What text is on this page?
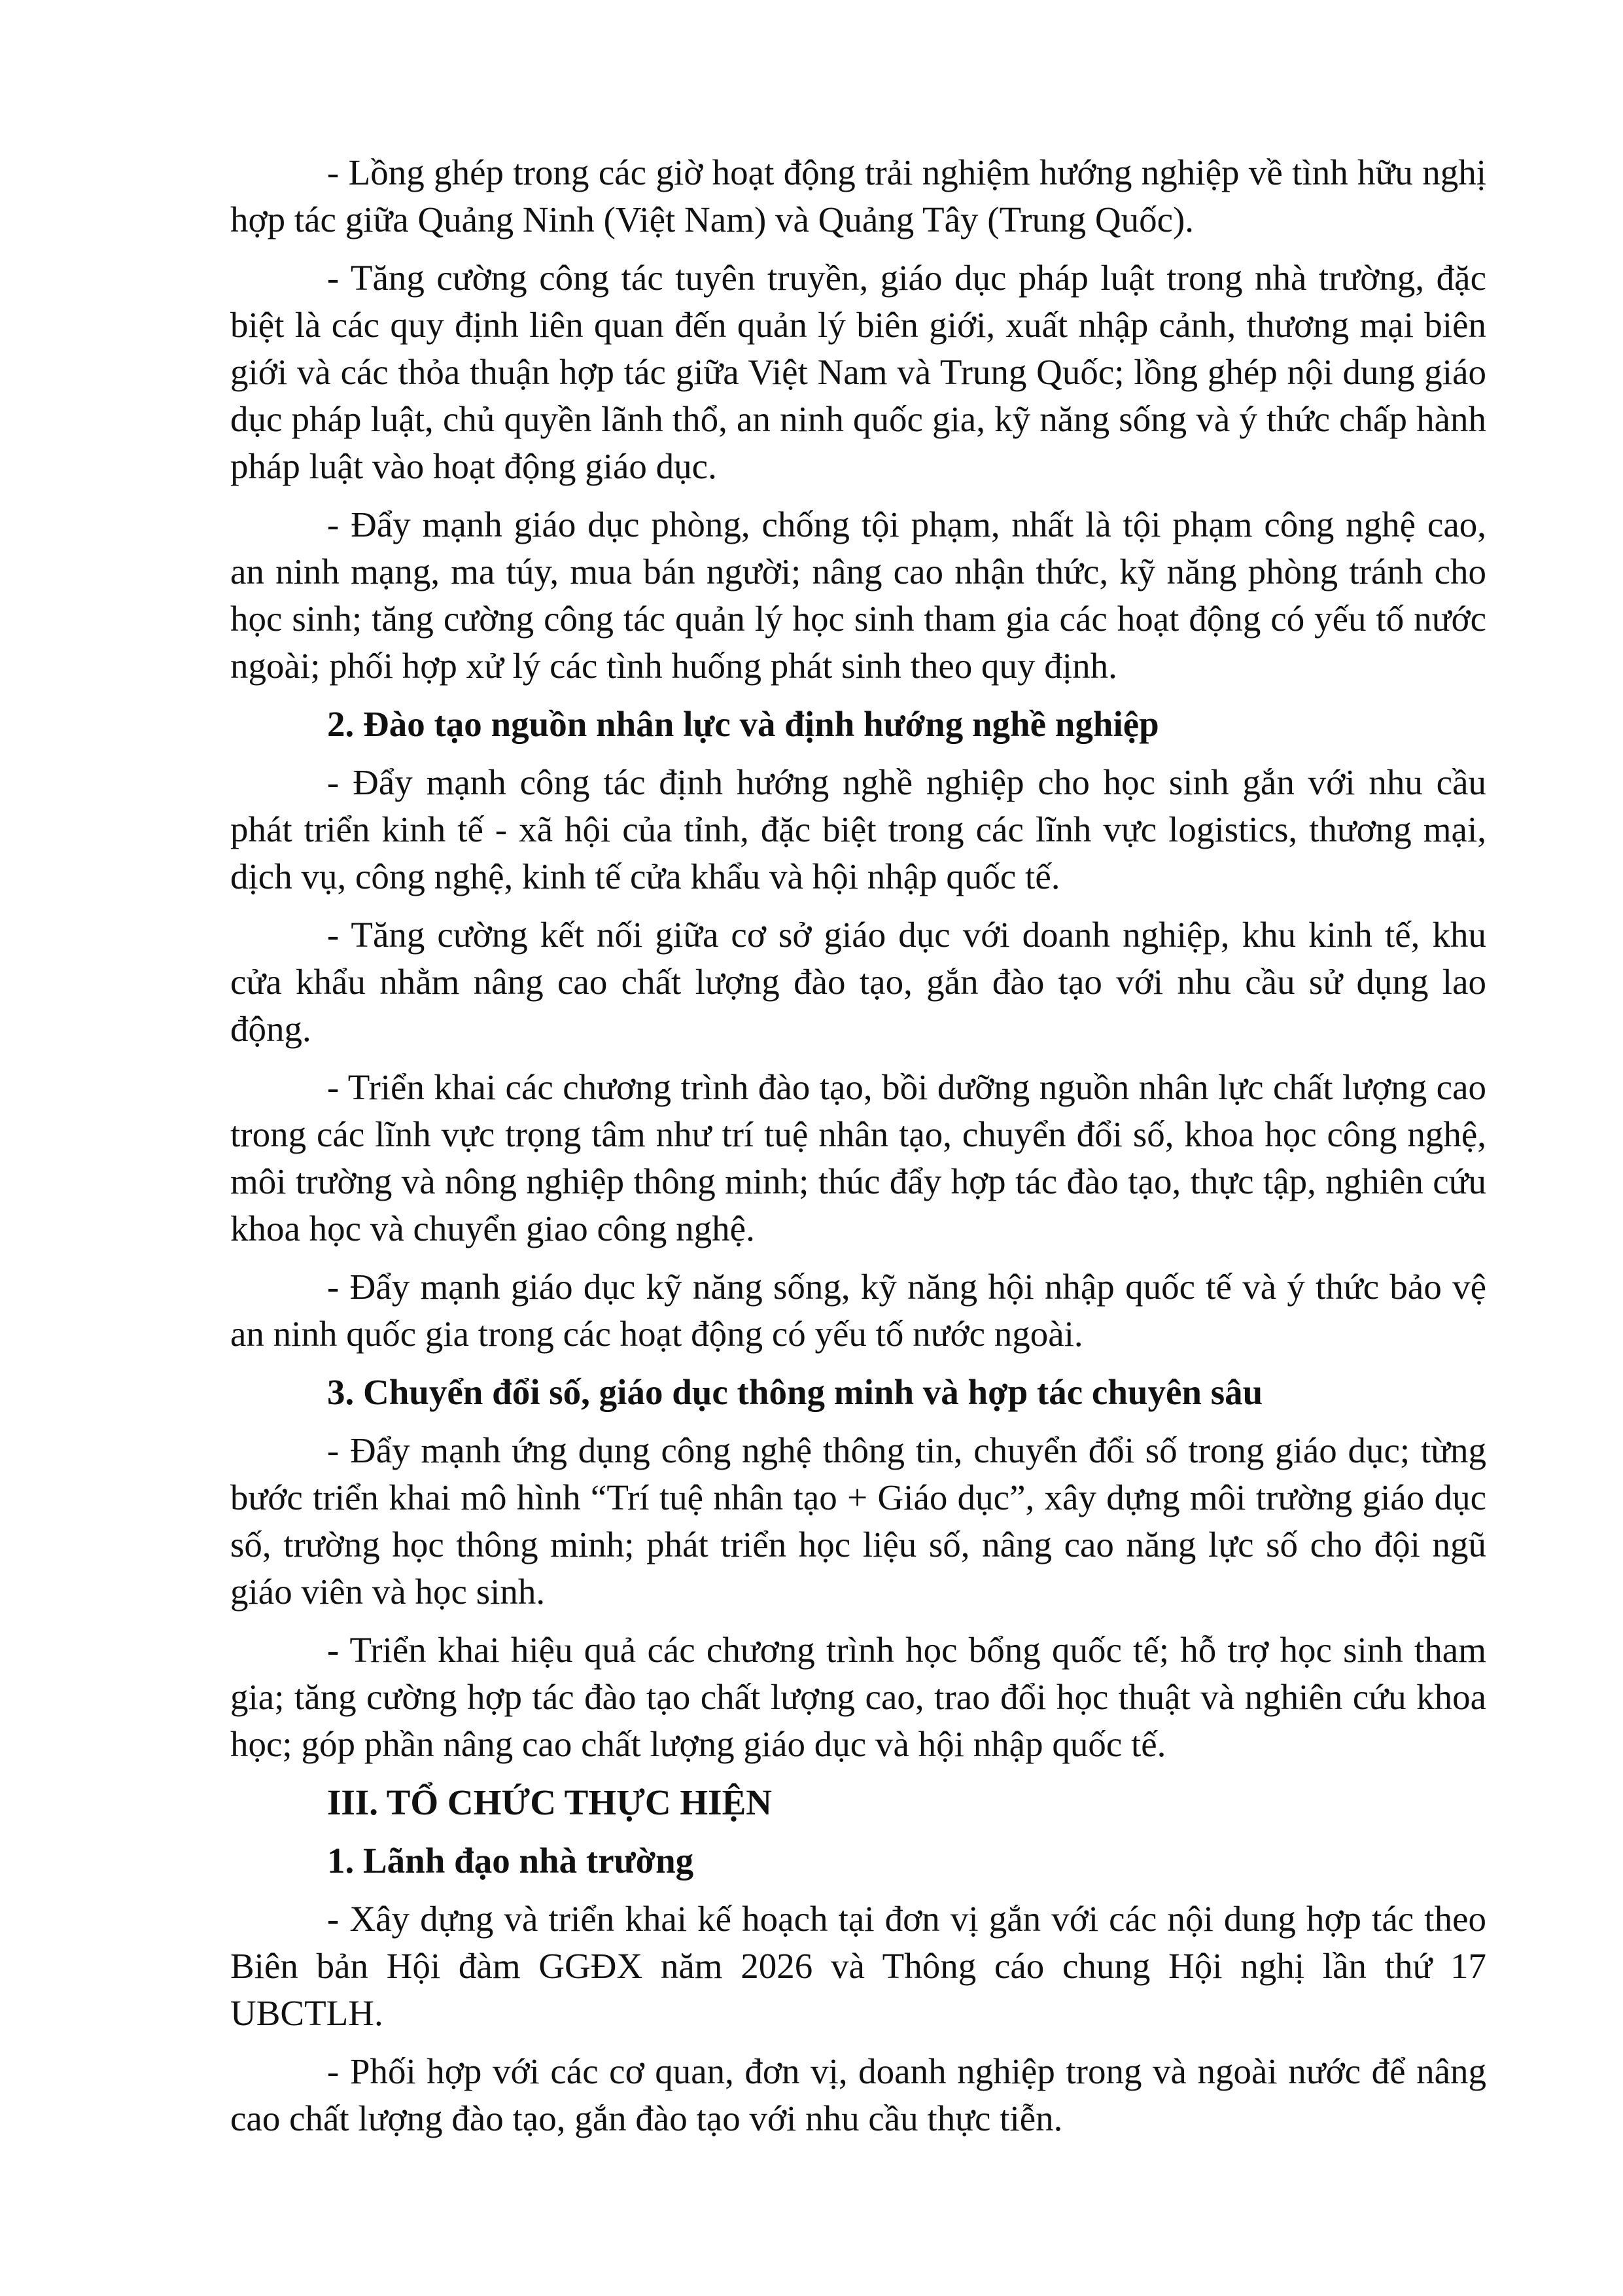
- Lồng ghép trong các giờ hoạt động trải nghiệm hướng nghiệp về tình hữu nghị hợp tác giữa Quảng Ninh (Việt Nam) và Quảng Tây (Trung Quốc).

- Tăng cường công tác tuyên truyền, giáo dục pháp luật trong nhà trường, đặc biệt là các quy định liên quan đến quản lý biên giới, xuất nhập cảnh, thương mại biên giới và các thỏa thuận hợp tác giữa Việt Nam và Trung Quốc; lồng ghép nội dung giáo dục pháp luật, chủ quyền lãnh thổ, an ninh quốc gia, kỹ năng sống và ý thức chấp hành pháp luật vào hoạt động giáo dục.

- Đẩy mạnh giáo dục phòng, chống tội phạm, nhất là tội phạm công nghệ cao, an ninh mạng, ma túy, mua bán người; nâng cao nhận thức, kỹ năng phòng tránh cho học sinh; tăng cường công tác quản lý học sinh tham gia các hoạt động có yếu tố nước ngoài; phối hợp xử lý các tình huống phát sinh theo quy định.

2. Đào tạo nguồn nhân lực và định hướng nghề nghiệp

- Đẩy mạnh công tác định hướng nghề nghiệp cho học sinh gắn với nhu cầu phát triển kinh tế - xã hội của tỉnh, đặc biệt trong các lĩnh vực logistics, thương mại, dịch vụ, công nghệ, kinh tế cửa khẩu và hội nhập quốc tế.

- Tăng cường kết nối giữa cơ sở giáo dục với doanh nghiệp, khu kinh tế, khu cửa khẩu nhằm nâng cao chất lượng đào tạo, gắn đào tạo với nhu cầu sử dụng lao động.

- Triển khai các chương trình đào tạo, bồi dưỡng nguồn nhân lực chất lượng cao trong các lĩnh vực trọng tâm như trí tuệ nhân tạo, chuyển đổi số, khoa học công nghệ, môi trường và nông nghiệp thông minh; thúc đẩy hợp tác đào tạo, thực tập, nghiên cứu khoa học và chuyển giao công nghệ.

- Đẩy mạnh giáo dục kỹ năng sống, kỹ năng hội nhập quốc tế và ý thức bảo vệ an ninh quốc gia trong các hoạt động có yếu tố nước ngoài.

3. Chuyển đổi số, giáo dục thông minh và hợp tác chuyên sâu

- Đẩy mạnh ứng dụng công nghệ thông tin, chuyển đổi số trong giáo dục; từng bước triển khai mô hình “Trí tuệ nhân tạo + Giáo dục”, xây dựng môi trường giáo dục số, trường học thông minh; phát triển học liệu số, nâng cao năng lực số cho đội ngũ giáo viên và học sinh.

- Triển khai hiệu quả các chương trình học bổng quốc tế; hỗ trợ học sinh tham gia; tăng cường hợp tác đào tạo chất lượng cao, trao đổi học thuật và nghiên cứu khoa học; góp phần nâng cao chất lượng giáo dục và hội nhập quốc tế.

III. TỔ CHỨC THỰC HIỆN

1. Lãnh đạo nhà trường

- Xây dựng và triển khai kế hoạch tại đơn vị gắn với các nội dung hợp tác theo Biên bản Hội đàm GGĐX năm 2026 và Thông cáo chung Hội nghị lần thứ 17 UBCTLH.

- Phối hợp với các cơ quan, đơn vị, doanh nghiệp trong và ngoài nước để nâng cao chất lượng đào tạo, gắn đào tạo với nhu cầu thực tiễn.
